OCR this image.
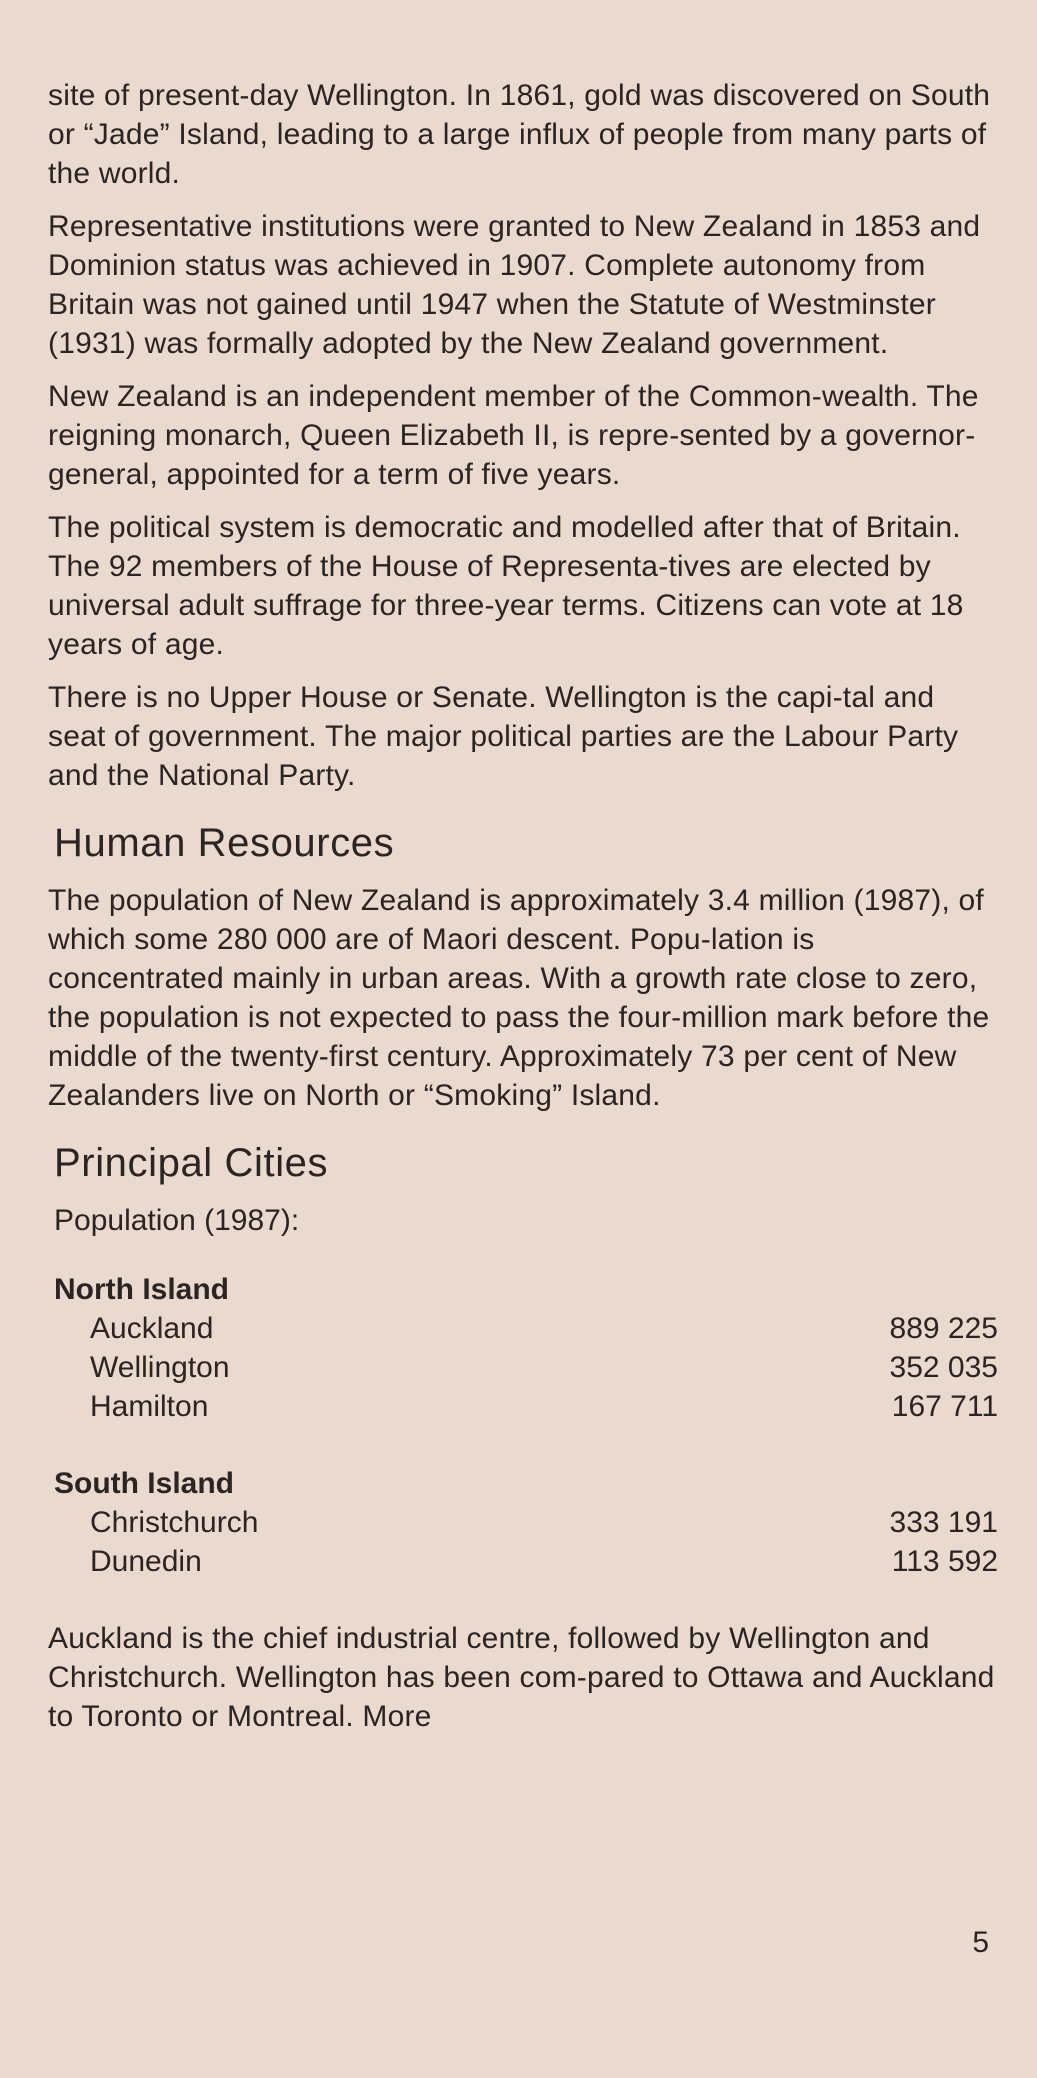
site of present-day Wellington. In 1861, gold was discovered on South or “Jade” Island, leading to a large influx of people from many parts of the world.

Representative institutions were granted to New Zealand in 1853 and Dominion status was achieved in 1907. Complete autonomy from Britain was not gained until 1947 when the Statute of Westminster (1931) was formally adopted by the New Zealand government.

New Zealand is an independent member of the Common-wealth. The reigning monarch, Queen Elizabeth II, is repre-sented by a governor-general, appointed for a term of five years.

The political system is democratic and modelled after that of Britain. The 92 members of the House of Representa-tives are elected by universal adult suffrage for three-year terms. Citizens can vote at 18 years of age.

There is no Upper House or Senate. Wellington is the capi-tal and seat of government. The major political parties are the Labour Party and the National Party.

Human Resources

The population of New Zealand is approximately 3.4 million (1987), of which some 280 000 are of Maori descent. Popu-lation is concentrated mainly in urban areas. With a growth rate close to zero, the population is not expected to pass the four-million mark before the middle of the twenty-first century. Approximately 73 per cent of New Zealanders live on North or “Smoking” Island.

Principal Cities
Population (1987):
North Island
Auckland	889 225
Wellington	352 035
Hamilton	167 711
South Island
Christchurch	333 191
Dunedin	113 592

Auckland is the chief industrial centre, followed by Wellington and Christchurch. Wellington has been com-pared to Ottawa and Auckland to Toronto or Montreal. More

5
